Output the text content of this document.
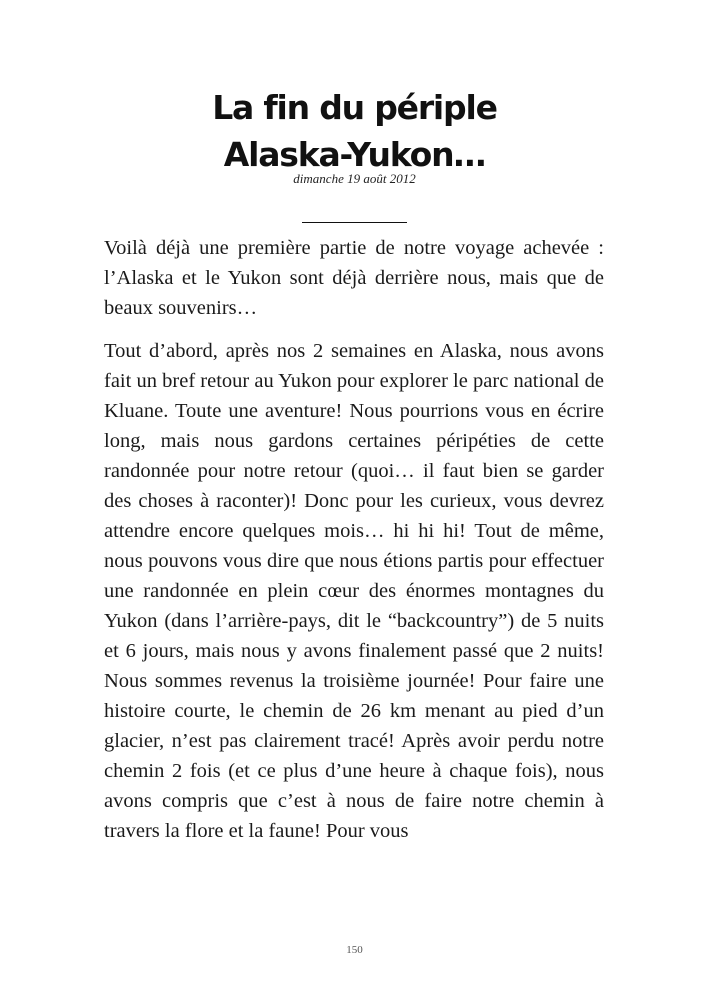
La fin du périple
Alaska-Yukon…
dimanche 19 août 2012

Voilà déjà une première partie de notre voyage achevée : l’Alaska et le Yukon sont déjà derrière nous, mais que de beaux souvenirs…

Tout d’abord, après nos 2 semaines en Alaska, nous avons fait un bref retour au Yukon pour explorer le parc national de Kluane. Toute une aventure! Nous pourrions vous en écrire long, mais nous gardons certaines péripéties de cette randonnée pour notre retour (quoi… il faut bien se garder des choses à raconter)! Donc pour les curieux, vous devrez attendre encore quelques mois… hi hi hi! Tout de même, nous pouvons vous dire que nous étions partis pour effectuer une randonnée en plein cœur des énormes montagnes du Yukon (dans l’arrière-pays, dit le “backcountry”) de 5 nuits et 6 jours, mais nous y avons finalement passé que 2 nuits! Nous sommes revenus la troisième journée! Pour faire une histoire courte, le chemin de 26 km menant au pied d’un glacier, n’est pas clairement tracé! Après avoir perdu notre chemin 2 fois (et ce plus d’une heure à chaque fois), nous avons compris que c’est à nous de faire notre chemin à travers la flore et la faune! Pour vous

150
